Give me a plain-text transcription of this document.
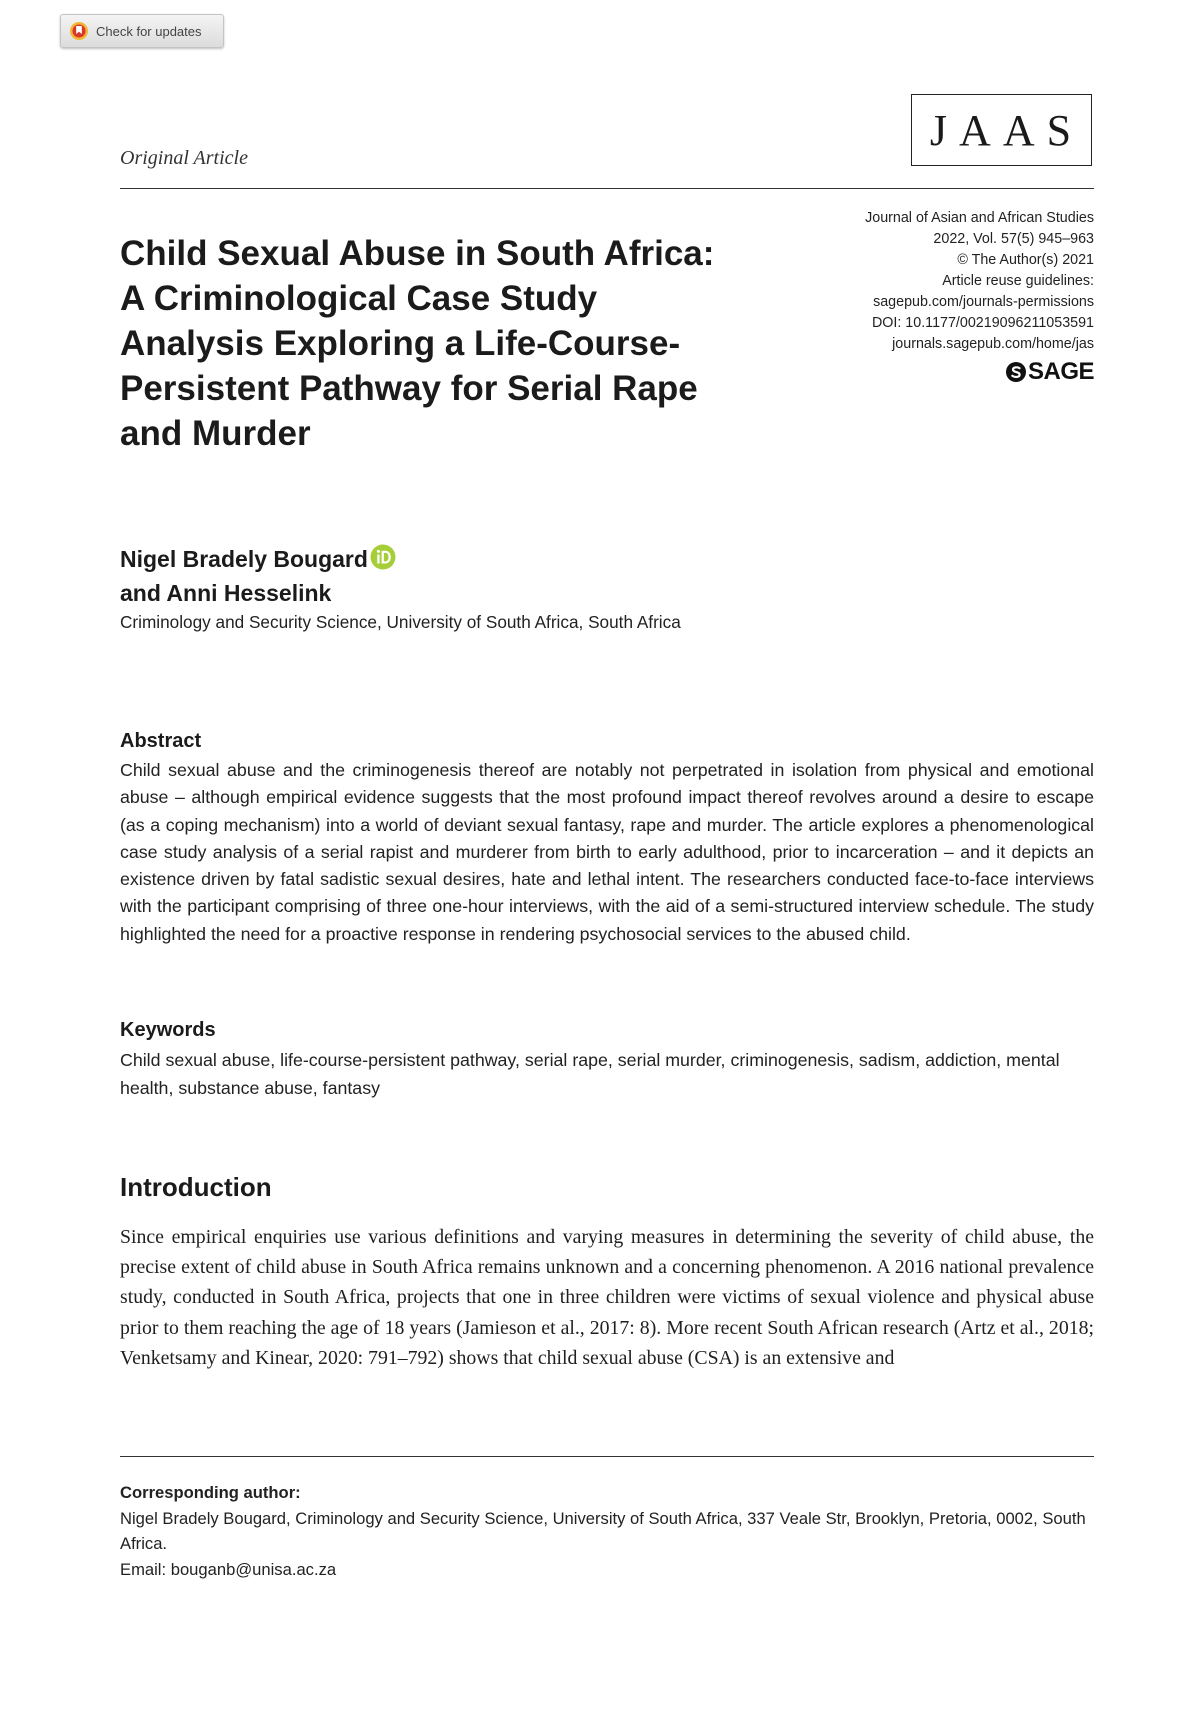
Check for updates
Original Article
JAAS
Journal of Asian and African Studies
2022, Vol. 57(5) 945–963
© The Author(s) 2021
Article reuse guidelines:
sagepub.com/journals-permissions
DOI: 10.1177/00219096211053591
journals.sagepub.com/home/jas
SAGE
Child Sexual Abuse in South Africa:
A Criminological Case Study
Analysis Exploring a Life-Course-
Persistent Pathway for Serial Rape
and Murder
Nigel Bradely Bougard
and Anni Hesselink
Criminology and Security Science, University of South Africa, South Africa
Abstract
Child sexual abuse and the criminogenesis thereof are notably not perpetrated in isolation from physical and emotional abuse – although empirical evidence suggests that the most profound impact thereof revolves around a desire to escape (as a coping mechanism) into a world of deviant sexual fantasy, rape and murder. The article explores a phenomenological case study analysis of a serial rapist and murderer from birth to early adulthood, prior to incarceration – and it depicts an existence driven by fatal sadistic sexual desires, hate and lethal intent. The researchers conducted face-to-face interviews with the participant comprising of three one-hour interviews, with the aid of a semi-structured interview schedule. The study highlighted the need for a proactive response in rendering psychosocial services to the abused child.
Keywords
Child sexual abuse, life-course-persistent pathway, serial rape, serial murder, criminogenesis, sadism, addiction, mental health, substance abuse, fantasy
Introduction
Since empirical enquiries use various definitions and varying measures in determining the severity of child abuse, the precise extent of child abuse in South Africa remains unknown and a concerning phenomenon. A 2016 national prevalence study, conducted in South Africa, projects that one in three children were victims of sexual violence and physical abuse prior to them reaching the age of 18 years (Jamieson et al., 2017: 8). More recent South African research (Artz et al., 2018; Venketsamy and Kinear, 2020: 791–792) shows that child sexual abuse (CSA) is an extensive and
Corresponding author:
Nigel Bradely Bougard, Criminology and Security Science, University of South Africa, 337 Veale Str, Brooklyn, Pretoria, 0002, South Africa.
Email: bouganb@unisa.ac.za
